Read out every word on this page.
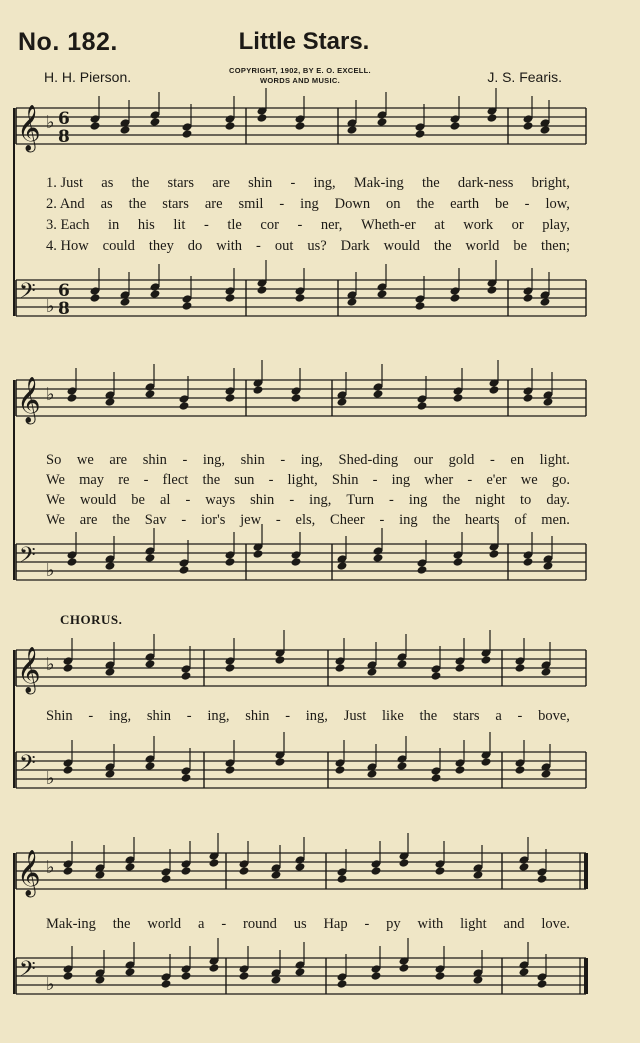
No. 182.	Little Stars.
H. H. Pierson.	COPYRIGHT, 1902, BY E. O. EXCELL.
WORDS AND MUSIC.	J. S. Fearis.
𝄞 ♭ 6
8
𝄢 ♭
6
8
𝄞 ♭
𝄢 ♭
𝄞 ♭
𝄢 ♭
𝄞 ♭
𝄢 ♭
1. Just as the stars are shin - ing, Mak-ing the dark-ness bright,
2. And as the stars are smil - ing Down on the earth be - low,
3. Each in his lit - tle cor - ner, Wheth-er at work or play,
4. How could they do with - out us? Dark would the world be then;
So we are shin - ing, shin - ing, Shed-ding our gold - en light.
We may re - flect the sun - light, Shin - ing wher - e'er we go.
We would be al - ways shin - ing, Turn - ing the night to day.
We are the Sav - ior's jew - els, Cheer - ing the hearts of men.
CHORUS.
Shin - ing, shin - ing, shin - ing, Just like the stars a - bove,
Mak-ing the world a - round us Hap - py with light and love.
